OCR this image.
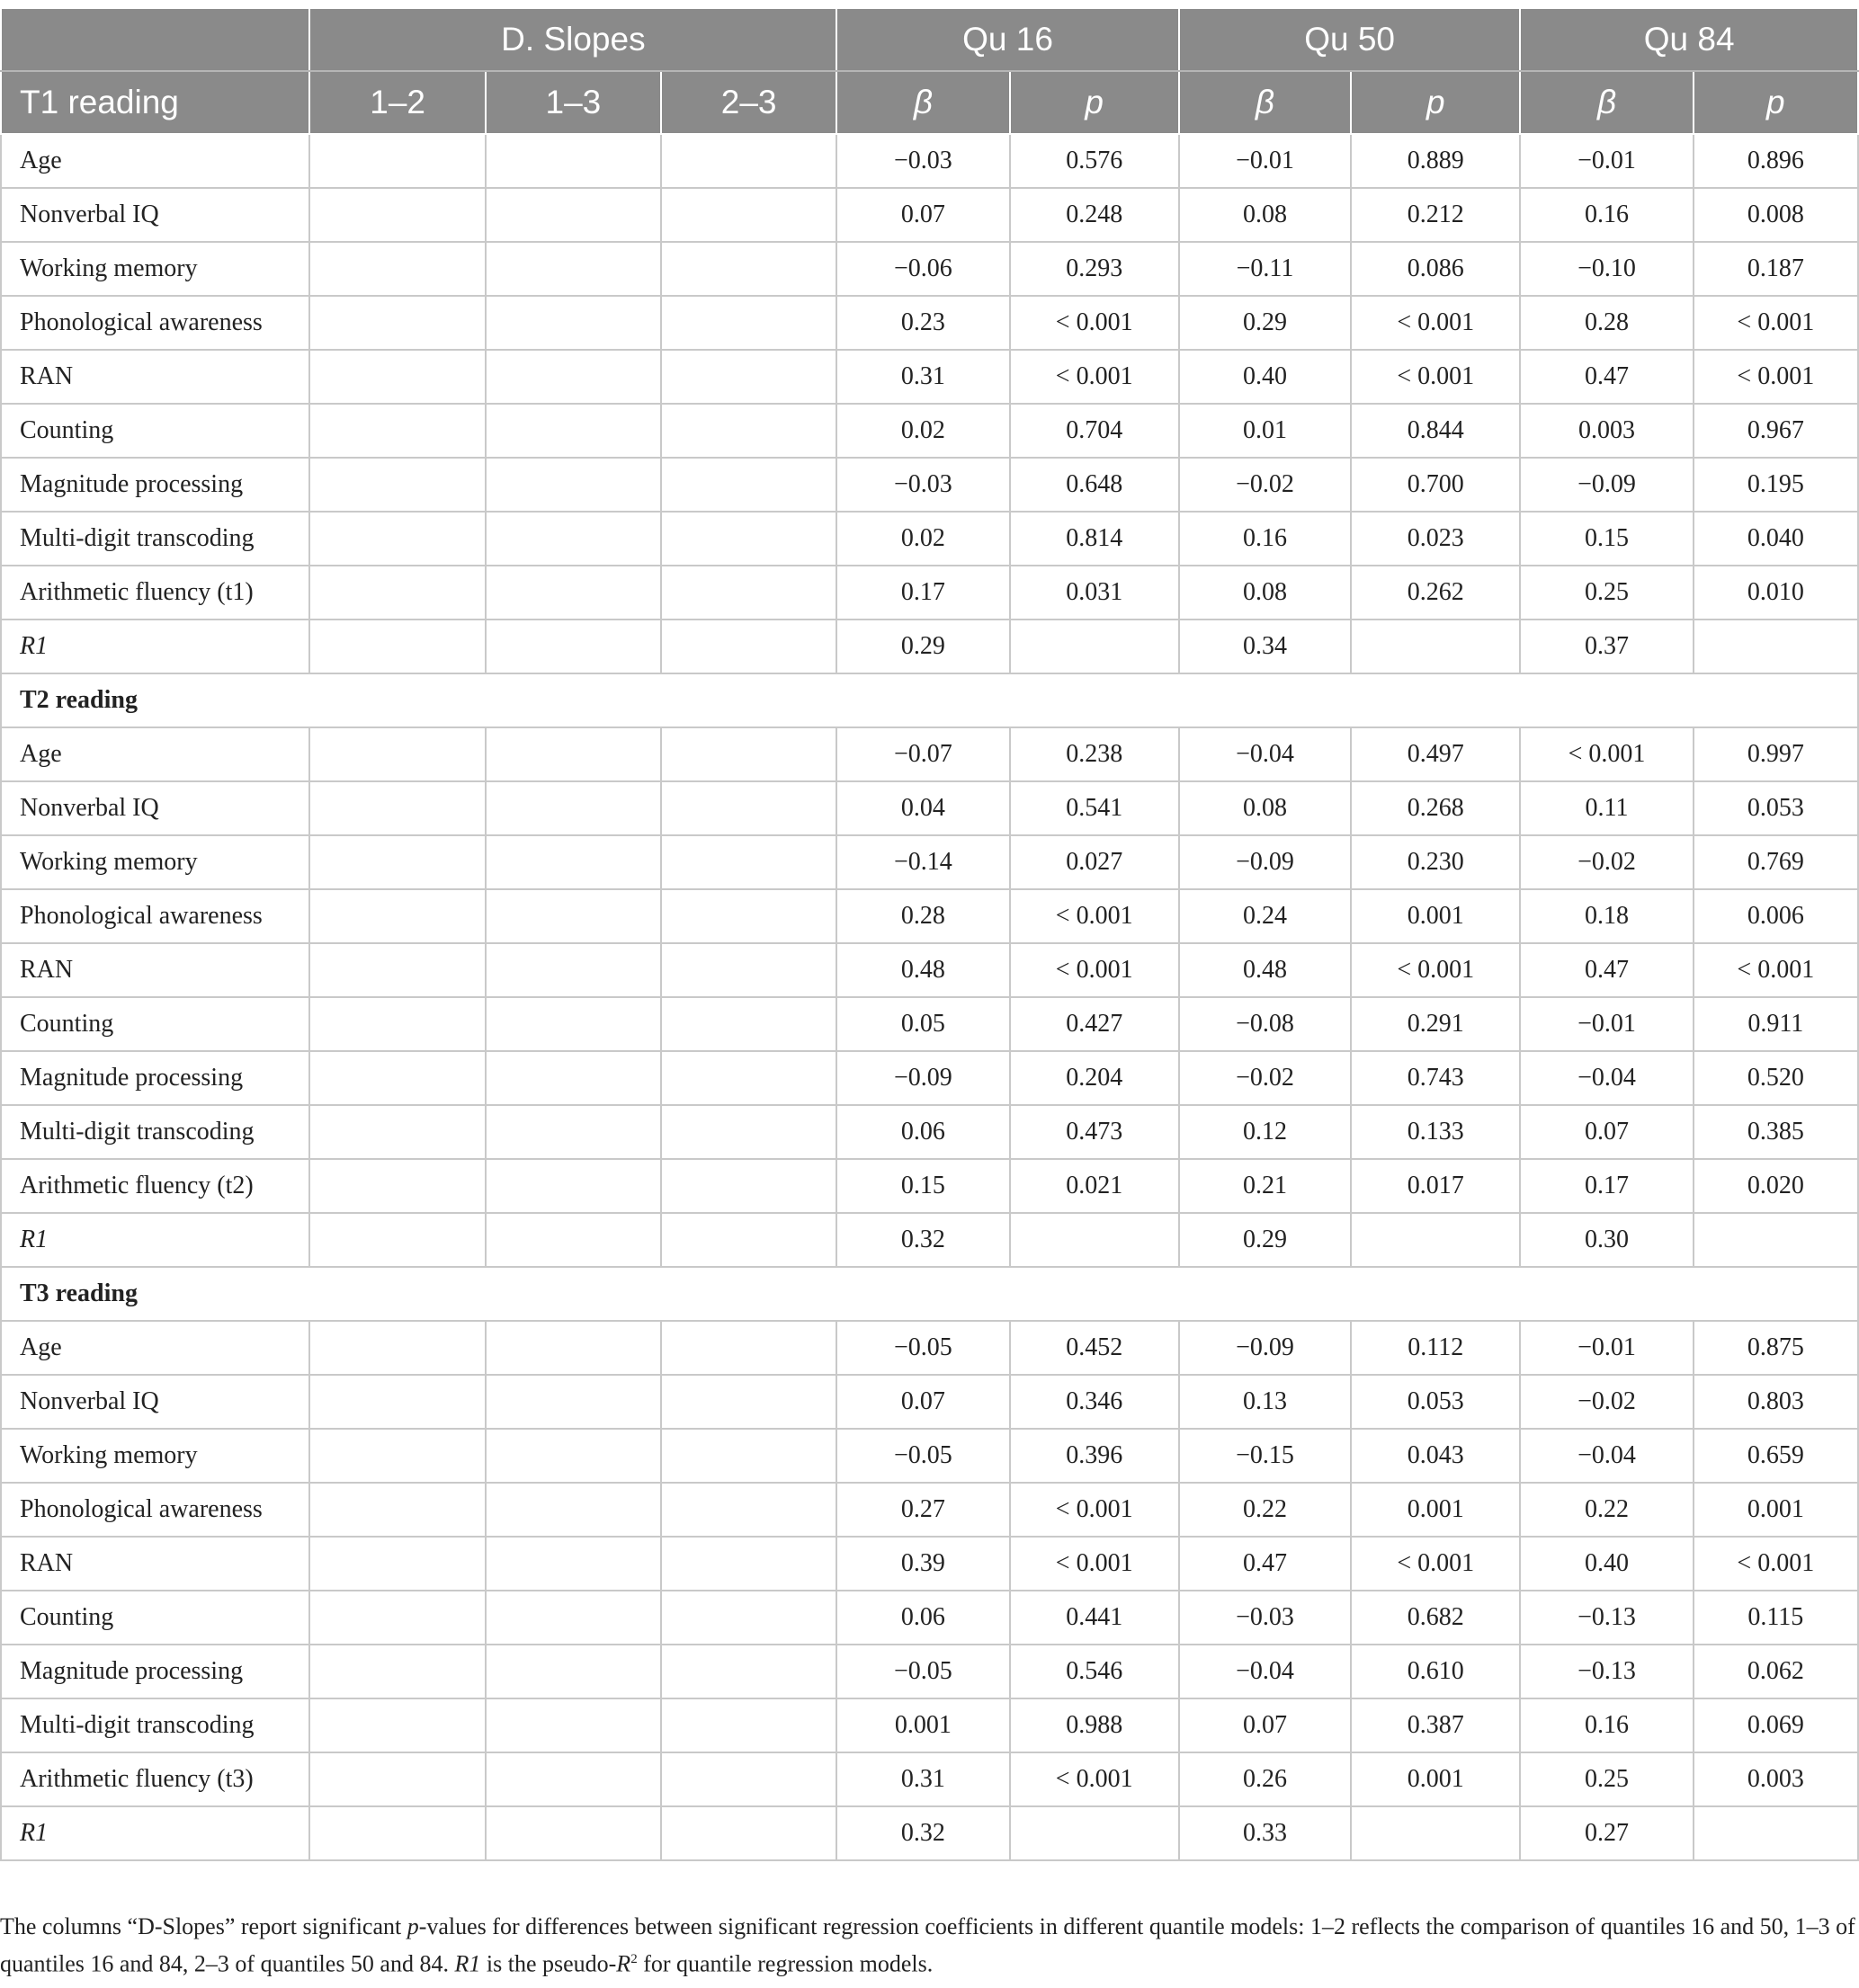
	D. Slopes			Qu 16		Qu 50		Qu 84	
T1 reading	1–2	1–3	2–3	β	p	β	p	β	p
Age				−0.03	0.576	−0.01	0.889	−0.01	0.896
Nonverbal IQ				0.07	0.248	0.08	0.212	0.16	0.008
Working memory				−0.06	0.293	−0.11	0.086	−0.10	0.187
Phonological awareness				0.23	< 0.001	0.29	< 0.001	0.28	< 0.001
RAN				0.31	< 0.001	0.40	< 0.001	0.47	< 0.001
Counting				0.02	0.704	0.01	0.844	0.003	0.967
Magnitude processing				−0.03	0.648	−0.02	0.700	−0.09	0.195
Multi-digit transcoding				0.02	0.814	0.16	0.023	0.15	0.040
Arithmetic fluency (t1)				0.17	0.031	0.08	0.262	0.25	0.010
R1				0.29		0.34		0.37	
T2 reading									
Age				−0.07	0.238	−0.04	0.497	< 0.001	0.997
Nonverbal IQ				0.04	0.541	0.08	0.268	0.11	0.053
Working memory				−0.14	0.027	−0.09	0.230	−0.02	0.769
Phonological awareness				0.28	< 0.001	0.24	0.001	0.18	0.006
RAN				0.48	< 0.001	0.48	< 0.001	0.47	< 0.001
Counting				0.05	0.427	−0.08	0.291	−0.01	0.911
Magnitude processing				−0.09	0.204	−0.02	0.743	−0.04	0.520
Multi-digit transcoding				0.06	0.473	0.12	0.133	0.07	0.385
Arithmetic fluency (t2)				0.15	0.021	0.21	0.017	0.17	0.020
R1				0.32		0.29		0.30	
T3 reading									
Age				−0.05	0.452	−0.09	0.112	−0.01	0.875
Nonverbal IQ				0.07	0.346	0.13	0.053	−0.02	0.803
Working memory				−0.05	0.396	−0.15	0.043	−0.04	0.659
Phonological awareness				0.27	< 0.001	0.22	0.001	0.22	0.001
RAN				0.39	< 0.001	0.47	< 0.001	0.40	< 0.001
Counting				0.06	0.441	−0.03	0.682	−0.13	0.115
Magnitude processing				−0.05	0.546	−0.04	0.610	−0.13	0.062
Multi-digit transcoding				0.001	0.988	0.07	0.387	0.16	0.069
Arithmetic fluency (t3)				0.31	< 0.001	0.26	0.001	0.25	0.003
R1				0.32		0.33		0.27	
The columns “D-Slopes” report significant p-values for differences between significant regression coefficients in different quantile models: 1–2 reflects the comparison of quantiles 16 and 50, 1–3 of quantiles 16 and 84, 2–3 of quantiles 50 and 84. R1 is the pseudo-$R^2$ for quantile regression models.
